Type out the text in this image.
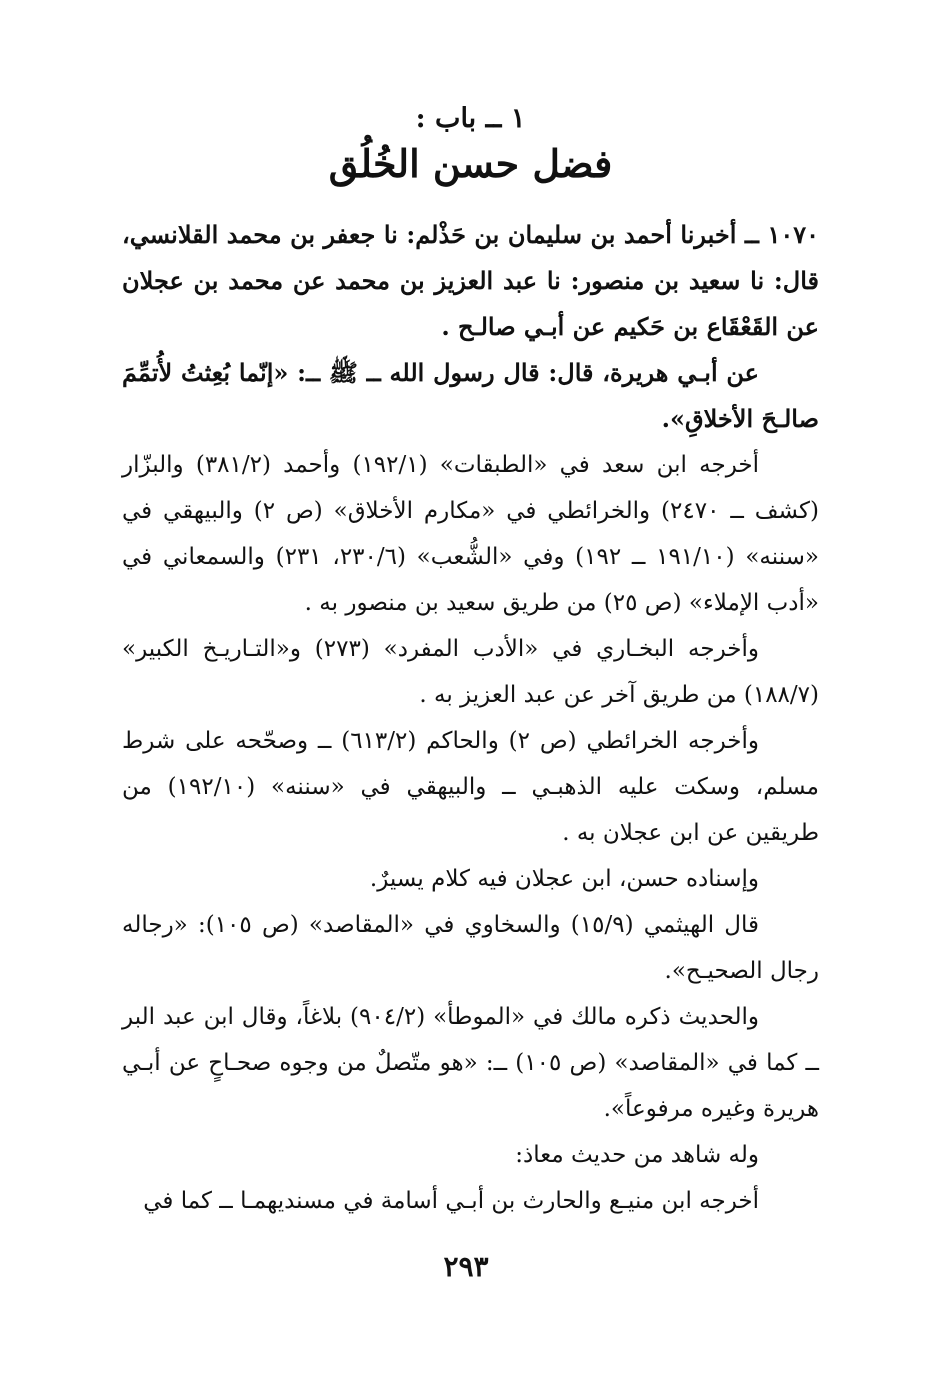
١ ــ باب :

فضل حسن الخُلُق

١٠٧٠ ــ أخبرنا أحمد بن سليمان بن حَذْلم: نا جعفر بن محمد القلانسي، قال: نا سعيد بن منصور: نا عبد العزيز بن محمد عن محمد بن عجلان عن القَعْقَاع بن حَكيم عن أبـي صالـح .

عن أبـي هريرة، قال: قال رسول الله ــ ﷺ ــ: «إنّما بُعِثتُ لأُتمِّمَ صالـحَ الأخلاقِ».

أخرجه ابن سعد في «الطبقات» (١٩٢/١) وأحمد (٣٨١/٢) والبزّار (كشف ــ ٢٤٧٠) والخرائطي في «مكارم الأخلاق» (ص ٢) والبيهقي في «سننه» (١٩١/١٠ ــ ١٩٢) وفي «الشُّعب» (٢٣٠/٦، ٢٣١) والسمعاني في «أدب الإملاء» (ص ٢٥) من طريق سعيد بن منصور به .

وأخرجه البخـاري في «الأدب المفرد» (٢٧٣) و«التـاريـخ الكبير» (١٨٨/٧) من طريق آخر عن عبد العزيز به .

وأخرجه الخرائطي (ص ٢) والحاكم (٦١٣/٢) ــ وصحّحه على شرط مسلم، وسكت عليه الذهبـي ــ والبيهقي في «سننه» (١٩٢/١٠) من طريقين عن ابن عجلان به .

وإسناده حسن، ابن عجلان فيه كلام يسيرٌ.

قال الهيثمي (١٥/٩) والسخاوي في «المقاصد» (ص ١٠٥): «رجاله رجال الصحيـح».

والحديث ذكره مالك في «الموطأ» (٩٠٤/٢) بلاغاً، وقال ابن عبد البر ــ كما في «المقاصد» (ص ١٠٥) ــ: «هو متّصلٌ من وجوه صحـاحٍ عن أبـي هريرة وغيره مرفوعاً».

وله شاهد من حديث معاذ:

أخرجه ابن منيـع والحارث بن أبـي أسامة في مسنديهمـا ــ كما في

٢٩٣
